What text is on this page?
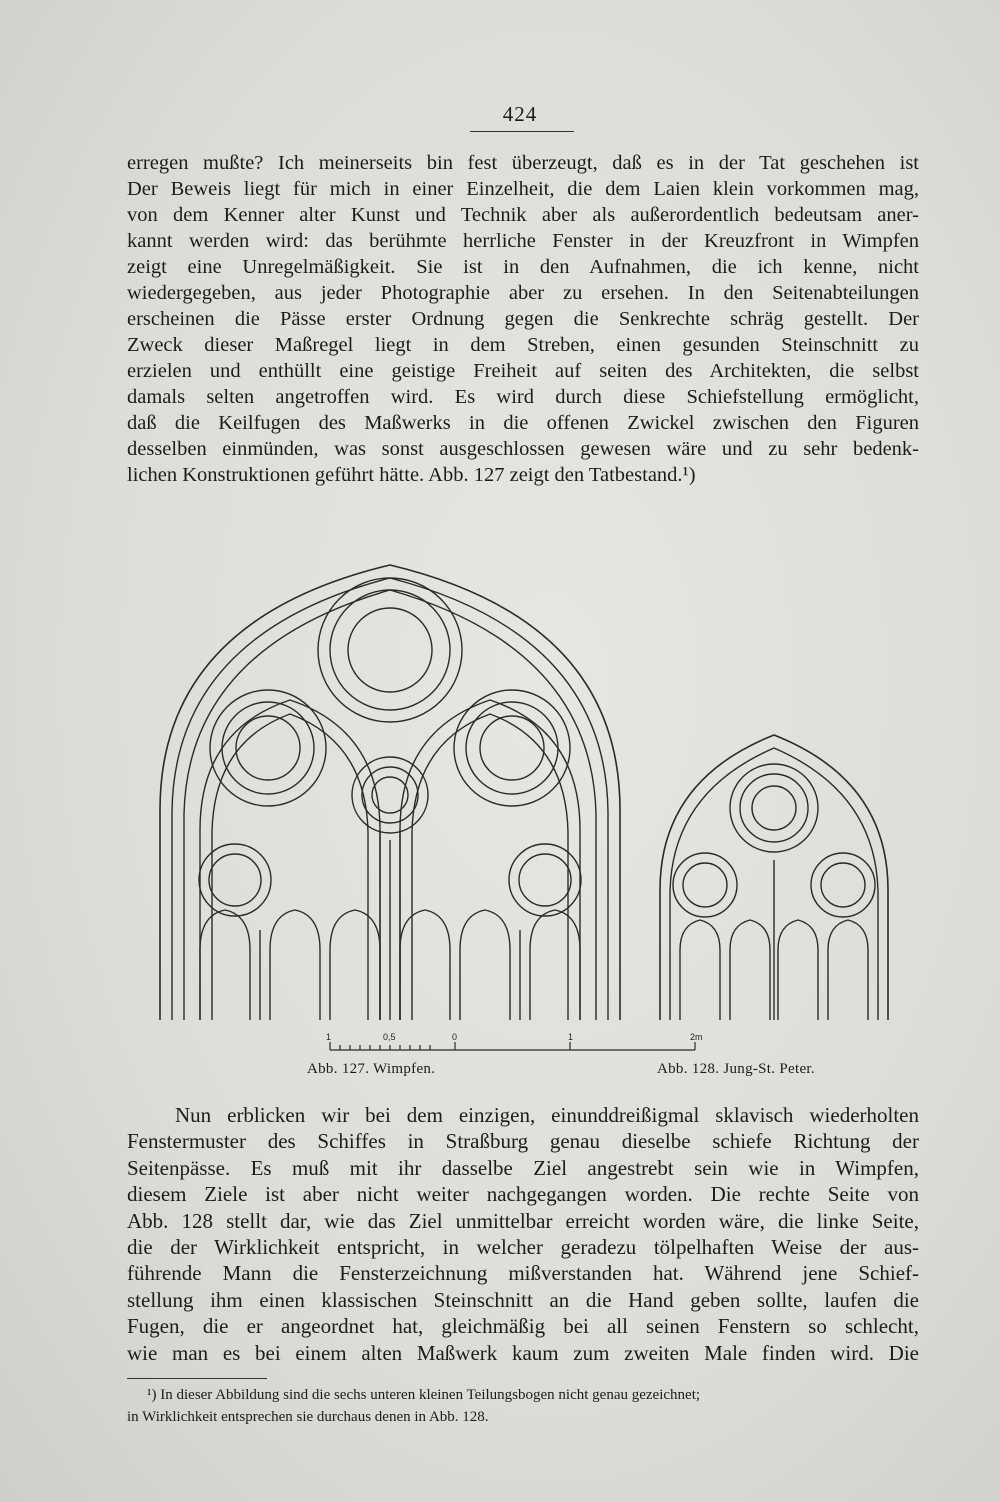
424
erregen mußte? Ich meinerseits bin fest überzeugt, daß es in der Tat geschehen ist
Der Beweis liegt für mich in einer Einzelheit, die dem Laien klein vorkommen mag,
von dem Kenner alter Kunst und Technik aber als außerordentlich bedeutsam aner-
kannt werden wird: das berühmte herrliche Fenster in der Kreuzfront in Wimpfen
zeigt eine Unregelmäßigkeit. Sie ist in den Aufnahmen, die ich kenne, nicht
wiedergegeben, aus jeder Photographie aber zu ersehen. In den Seitenabteilungen
erscheinen die Pässe erster Ordnung gegen die Senkrechte schräg gestellt. Der
Zweck dieser Maßregel liegt in dem Streben, einen gesunden Steinschnitt zu
erzielen und enthüllt eine geistige Freiheit auf seiten des Architekten, die selbst
damals selten angetroffen wird. Es wird durch diese Schiefstellung ermöglicht,
daß die Keilfugen des Maßwerks in die offenen Zwickel zwischen den Figuren
desselben einmünden, was sonst ausgeschlossen gewesen wäre und zu sehr bedenk-
lichen Konstruktionen geführt hätte. Abb. 127 zeigt den Tatbestand.¹)
1	0,5	0	1	2m
Abb. 127. Wimpfen.	Abb. 128. Jung-St. Peter.
Nun erblicken wir bei dem einzigen, einunddreißigmal sklavisch wiederholten
Fenstermuster des Schiffes in Straßburg genau dieselbe schiefe Richtung der
Seitenpässe. Es muß mit ihr dasselbe Ziel angestrebt sein wie in Wimpfen,
diesem Ziele ist aber nicht weiter nachgegangen worden. Die rechte Seite von
Abb. 128 stellt dar, wie das Ziel unmittelbar erreicht worden wäre, die linke Seite,
die der Wirklichkeit entspricht, in welcher geradezu tölpelhaften Weise der aus-
führende Mann die Fensterzeichnung mißverstanden hat. Während jene Schief-
stellung ihm einen klassischen Steinschnitt an die Hand geben sollte, laufen die
Fugen, die er angeordnet hat, gleichmäßig bei all seinen Fenstern so schlecht,
wie man es bei einem alten Maßwerk kaum zum zweiten Male finden wird. Die

¹) In dieser Abbildung sind die sechs unteren kleinen Teilungsbogen nicht genau gezeichnet;

in Wirklichkeit entsprechen sie durchaus denen in Abb. 128.
